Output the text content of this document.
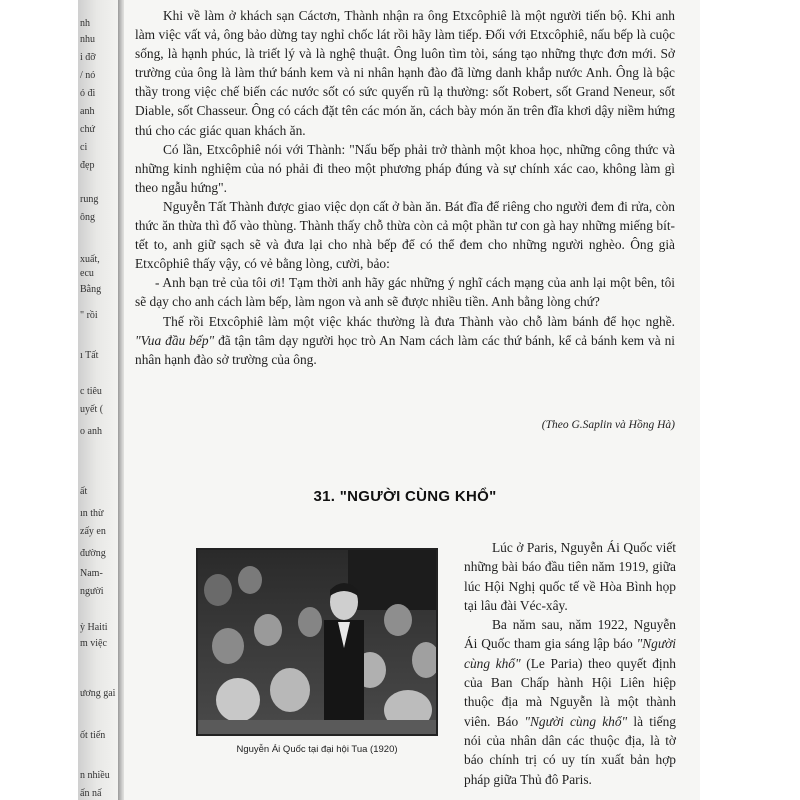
nh
nhu
i đỡ
/ nó
ó đi
anh
chứ
ci
đẹp
rung
ông
xuất,
ecu
Bằng
" rồi
ı Tất
c tiêu
uyết (
o anh
ất
ın thừ
zấy en
đường
Nam-
người
ỳ Haiti
m việc
ương gai
ốt tiến
n nhiều
ấn nấ

Khi về làm ở khách sạn Cáctơn, Thành nhận ra ông Etxcôphiê là một người tiến bộ. Khi anh làm việc vất vả, ông bảo dừng tay nghỉ chốc lát rồi hãy làm tiếp. Đối với Etxcôphiê, nấu bếp là cuộc sống, là hạnh phúc, là triết lý và là nghệ thuật. Ông luôn tìm tòi, sáng tạo những thực đơn mới. Sở trường của ông là làm thứ bánh kem và ni nhân hạnh đào đã lừng danh khắp nước Anh. Ông là bậc thầy trong việc chế biến các nước sốt có sức quyến rũ lạ thường: sốt Robert, sốt Grand Neneur, sốt Diable, sốt Chasseur. Ông có cách đặt tên các món ăn, cách bày món ăn trên đĩa khơi dậy niềm hứng thú cho các giác quan khách ăn.

Có lần, Etxcôphiê nói với Thành: "Nấu bếp phải trở thành một khoa học, những công thức và những kinh nghiệm của nó phải đi theo một phương pháp đúng và sự chính xác cao, không làm gì theo ngẫu hứng".

Nguyễn Tất Thành được giao việc dọn cất ở bàn ăn. Bát đĩa để riêng cho người đem đi rửa, còn thức ăn thừa thì đổ vào thùng. Thành thấy chỗ thừa còn cả một phần tư con gà hay những miếng bít-tết to, anh giữ sạch sẽ và đưa lại cho nhà bếp để có thể đem cho những người nghèo. Ông già Etxcôphiê thấy vậy, có vẻ bằng lòng, cười, bảo:

- Anh bạn trẻ của tôi ơi! Tạm thời anh hãy gác những ý nghĩ cách mạng của anh lại một bên, tôi sẽ dạy cho anh cách làm bếp, làm ngon và anh sẽ được nhiều tiền. Anh bằng lòng chứ?

Thế rồi Etxcôphiê làm một việc khác thường là đưa Thành vào chỗ làm bánh để học nghề. "Vua đầu bếp" đã tận tâm dạy người học trò An Nam cách làm các thứ bánh, kể cả bánh kem và ni nhân hạnh đào sở trường của ông.

(Theo G.Saplin và Hồng Hà)
31. "NGƯỜI CÙNG KHỔ"
Nguyễn Ái Quốc tại đại hội Tua (1920)

Lúc ở Paris, Nguyễn Ái Quốc viết những bài báo đầu tiên năm 1919, giữa lúc Hội Nghị quốc tế về Hòa Bình họp tại lâu đài Véc-xây.

Ba năm sau, năm 1922, Nguyễn Ái Quốc tham gia sáng lập báo "Người cùng khổ" (Le Paria) theo quyết định của Ban Chấp hành Hội Liên hiệp thuộc địa mà Nguyễn là một thành viên. Báo "Người cùng khổ" là tiếng nói của nhân dân các thuộc địa, là tờ báo chính trị có uy tín xuất bản hợp pháp giữa Thủ đô Paris.
